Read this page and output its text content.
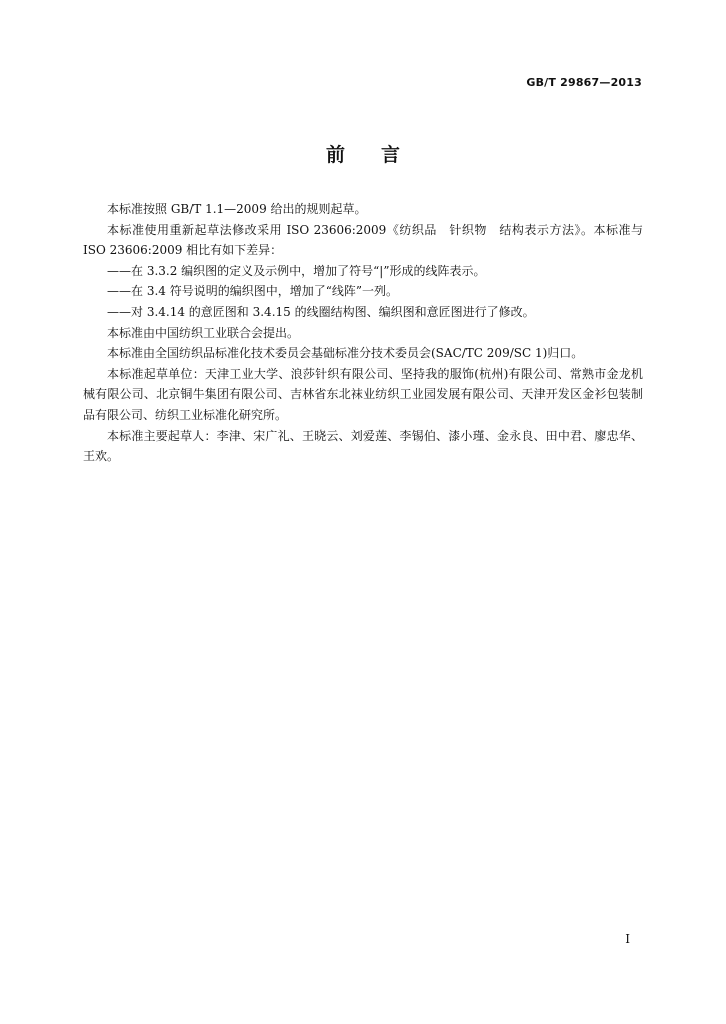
GB/T 29867—2013
前言

本标准按照 GB/T 1.1—2009 给出的规则起草。

本标准使用重新起草法修改采用 ISO 23606:2009《纺织品　针织物　结构表示方法》。本标准与 ISO 23606:2009 相比有如下差异：

——在 3.3.2 编织图的定义及示例中，增加了符号“|”形成的线阵表示。

——在 3.4 符号说明的编织图中，增加了“线阵”一列。

——对 3.4.14 的意匠图和 3.4.15 的线圈结构图、编织图和意匠图进行了修改。

本标准由中国纺织工业联合会提出。

本标准由全国纺织品标准化技术委员会基础标准分技术委员会(SAC/TC 209/SC 1)归口。

本标准起草单位：天津工业大学、浪莎针织有限公司、坚持我的服饰(杭州)有限公司、常熟市金龙机械有限公司、北京铜牛集团有限公司、吉林省东北袜业纺织工业园发展有限公司、天津开发区金衫包装制品有限公司、纺织工业标准化研究所。

本标准主要起草人：李津、宋广礼、王晓云、刘爱莲、李锡伯、漆小瑾、金永良、田中君、廖忠华、王欢。

I
